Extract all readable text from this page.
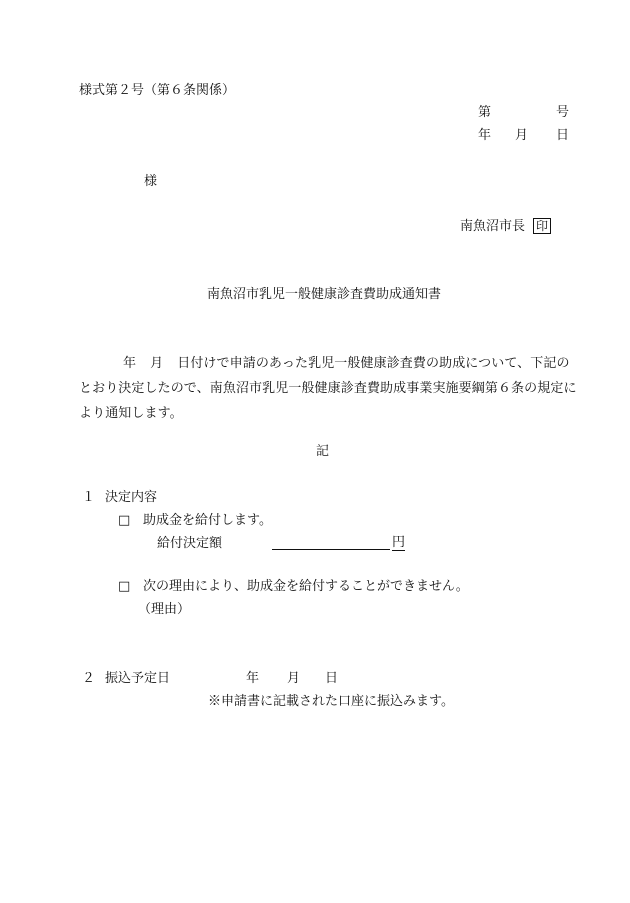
様式第２号（第６条関係）
第	号
年 月 日
様
南魚沼市長 印
南魚沼市乳児一般健康診査費助成通知書
年 月 日付けで申請のあった乳児一般健康診査費の助成について、下記のとおり決定したので、南魚沼市乳児一般健康診査費助成事業実施要綱第６条の規定により通知します。
記
１ 決定内容
□ 助成金を給付します。
給付決定額	円
□ 次の理由により、助成金を給付することができません。
（理由）
２ 振込予定日	年 月 日
※申請書に記載された口座に振込みます。
